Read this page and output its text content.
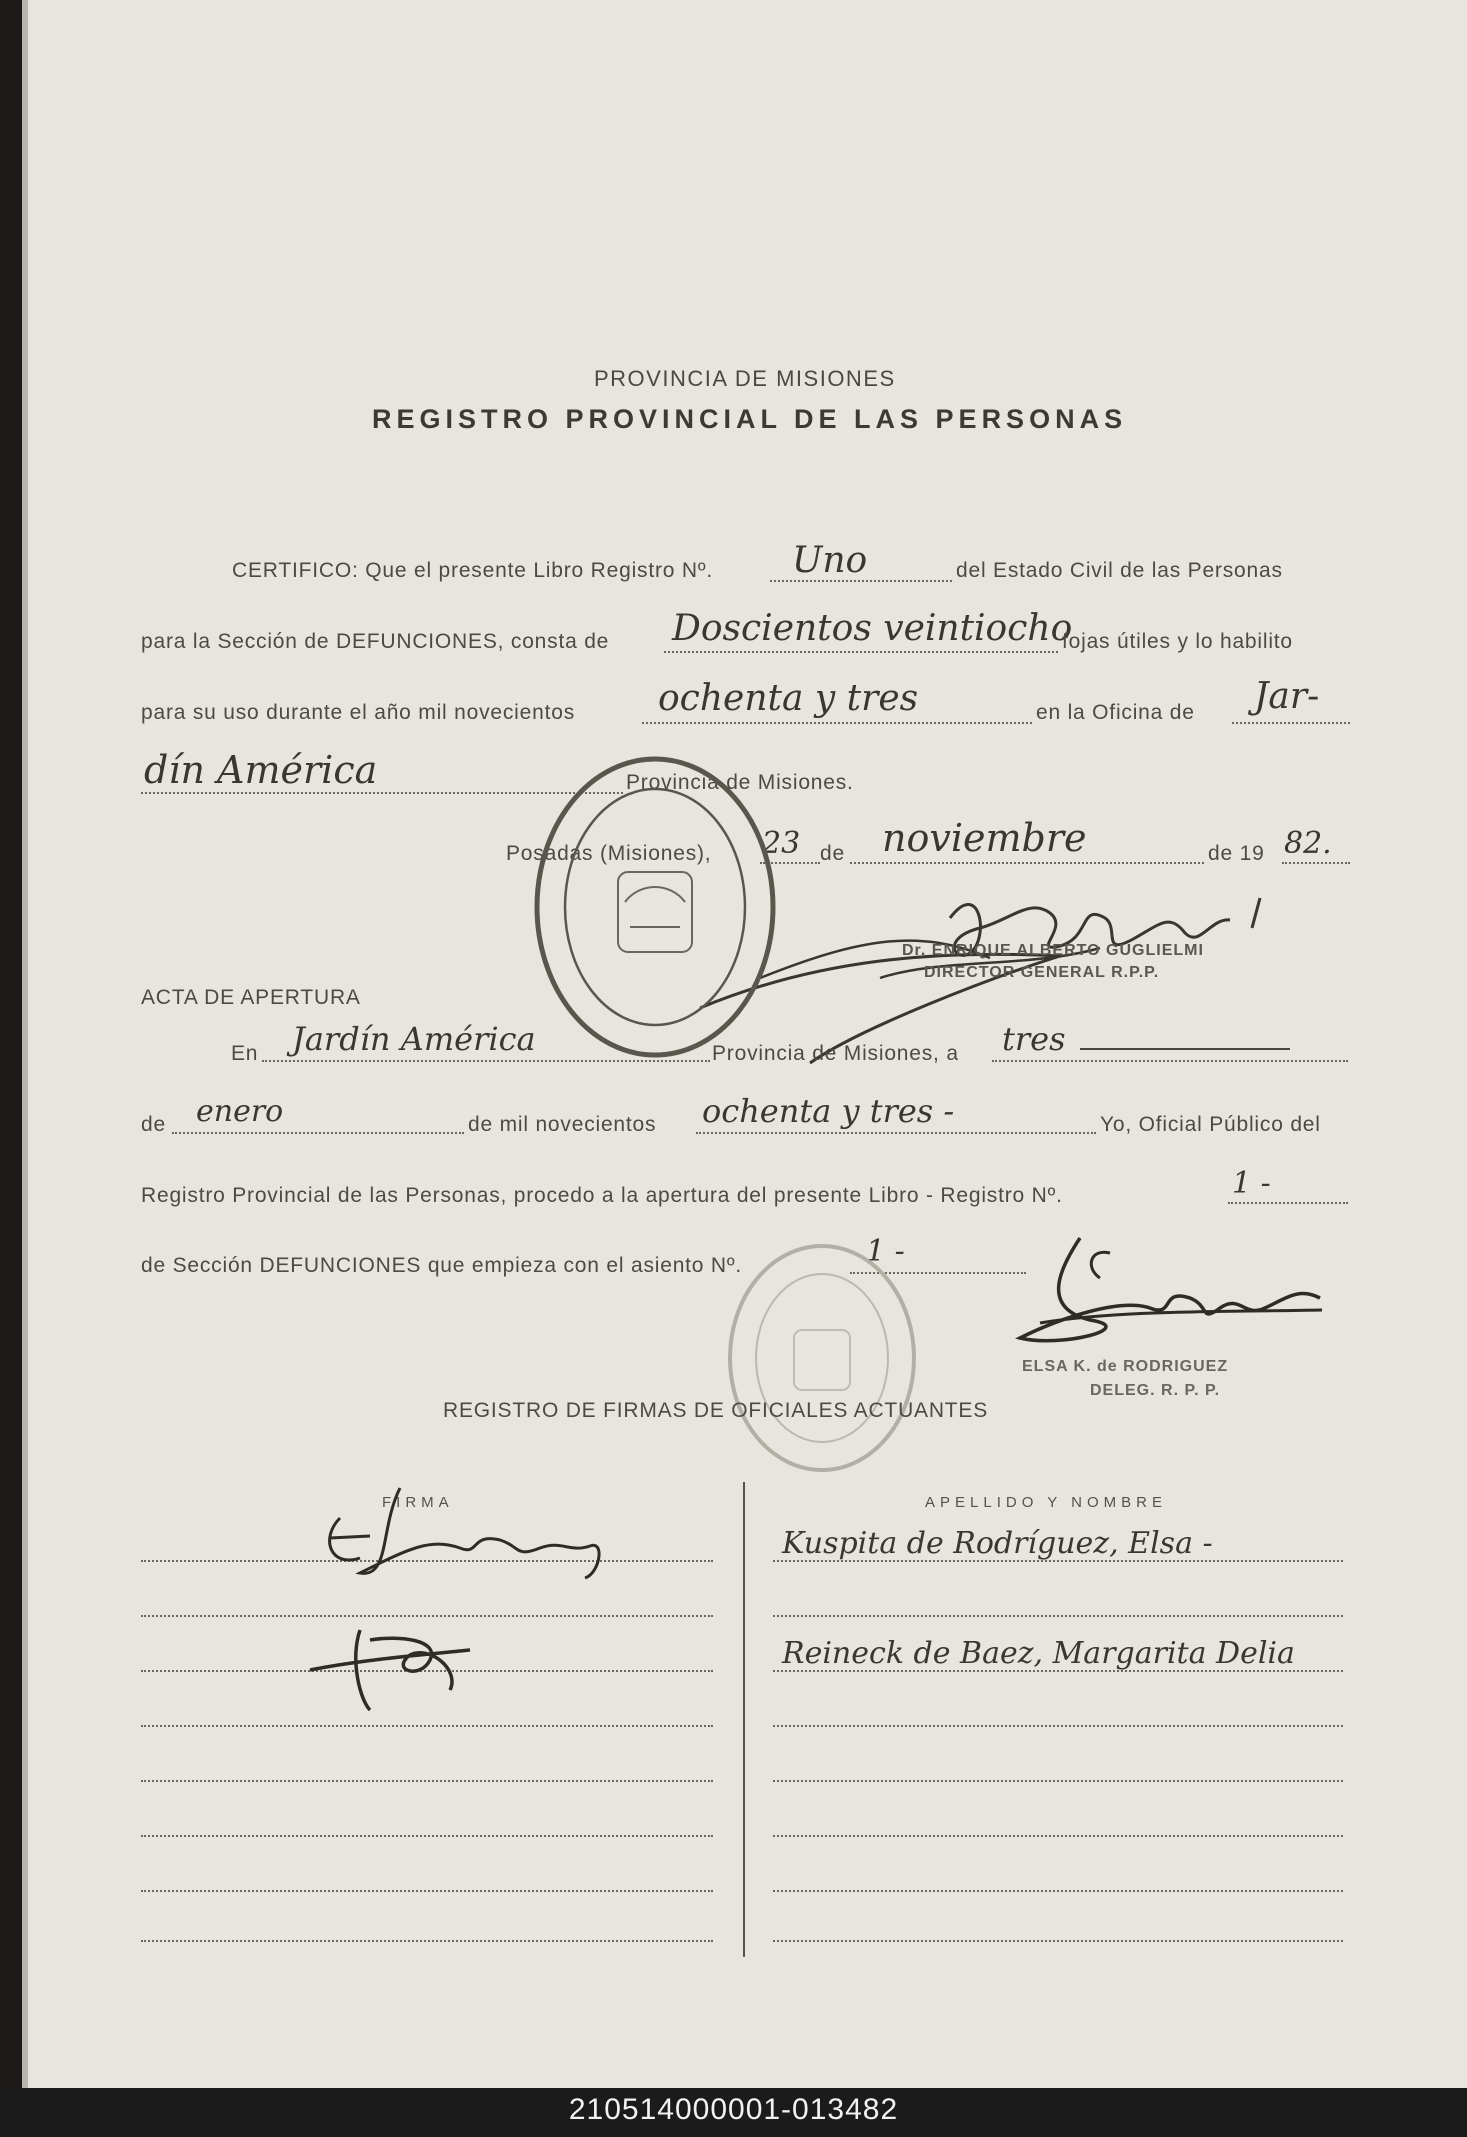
PROVINCIA DE MISIONES
REGISTRO PROVINCIAL DE LAS PERSONAS
CERTIFICO: Que el presente Libro Registro Nº. Uno	del Estado Civil de las Personas
para la Sección de DEFUNCIONES, consta de Doscientos veintiocho
fojas útiles y lo habilito
para su uso durante el año mil novecientos ochenta y tres	en la Oficina de Jar-
dín América	Provincia de Misiones.
Posadas (Misiones), 23 de noviembre	de 19 82.
Dr. ENRIQUE ALBERTO GUGLIELMI
DIRECTOR GENERAL R.P.P.
ACTA DE APERTURA
En Jardín América	Provincia de Misiones, a tres
de enero	de mil novecientos ochenta y tres -	Yo, Oficial Público del
Registro Provincial de las Personas, procedo a la apertura del presente Libro - Registro Nº.	1 -
de Sección DEFUNCIONES que empieza con el asiento Nº.	1 -
ELSA K. de RODRIGUEZ
DELEG. R. P. P.
REGISTRO DE FIRMAS DE OFICIALES ACTUANTES
FIRMA	APELLIDO Y NOMBRE
Kuspita de Rodríguez, Elsa -
Reineck de Baez, Margarita Delia
210514000001-013482
